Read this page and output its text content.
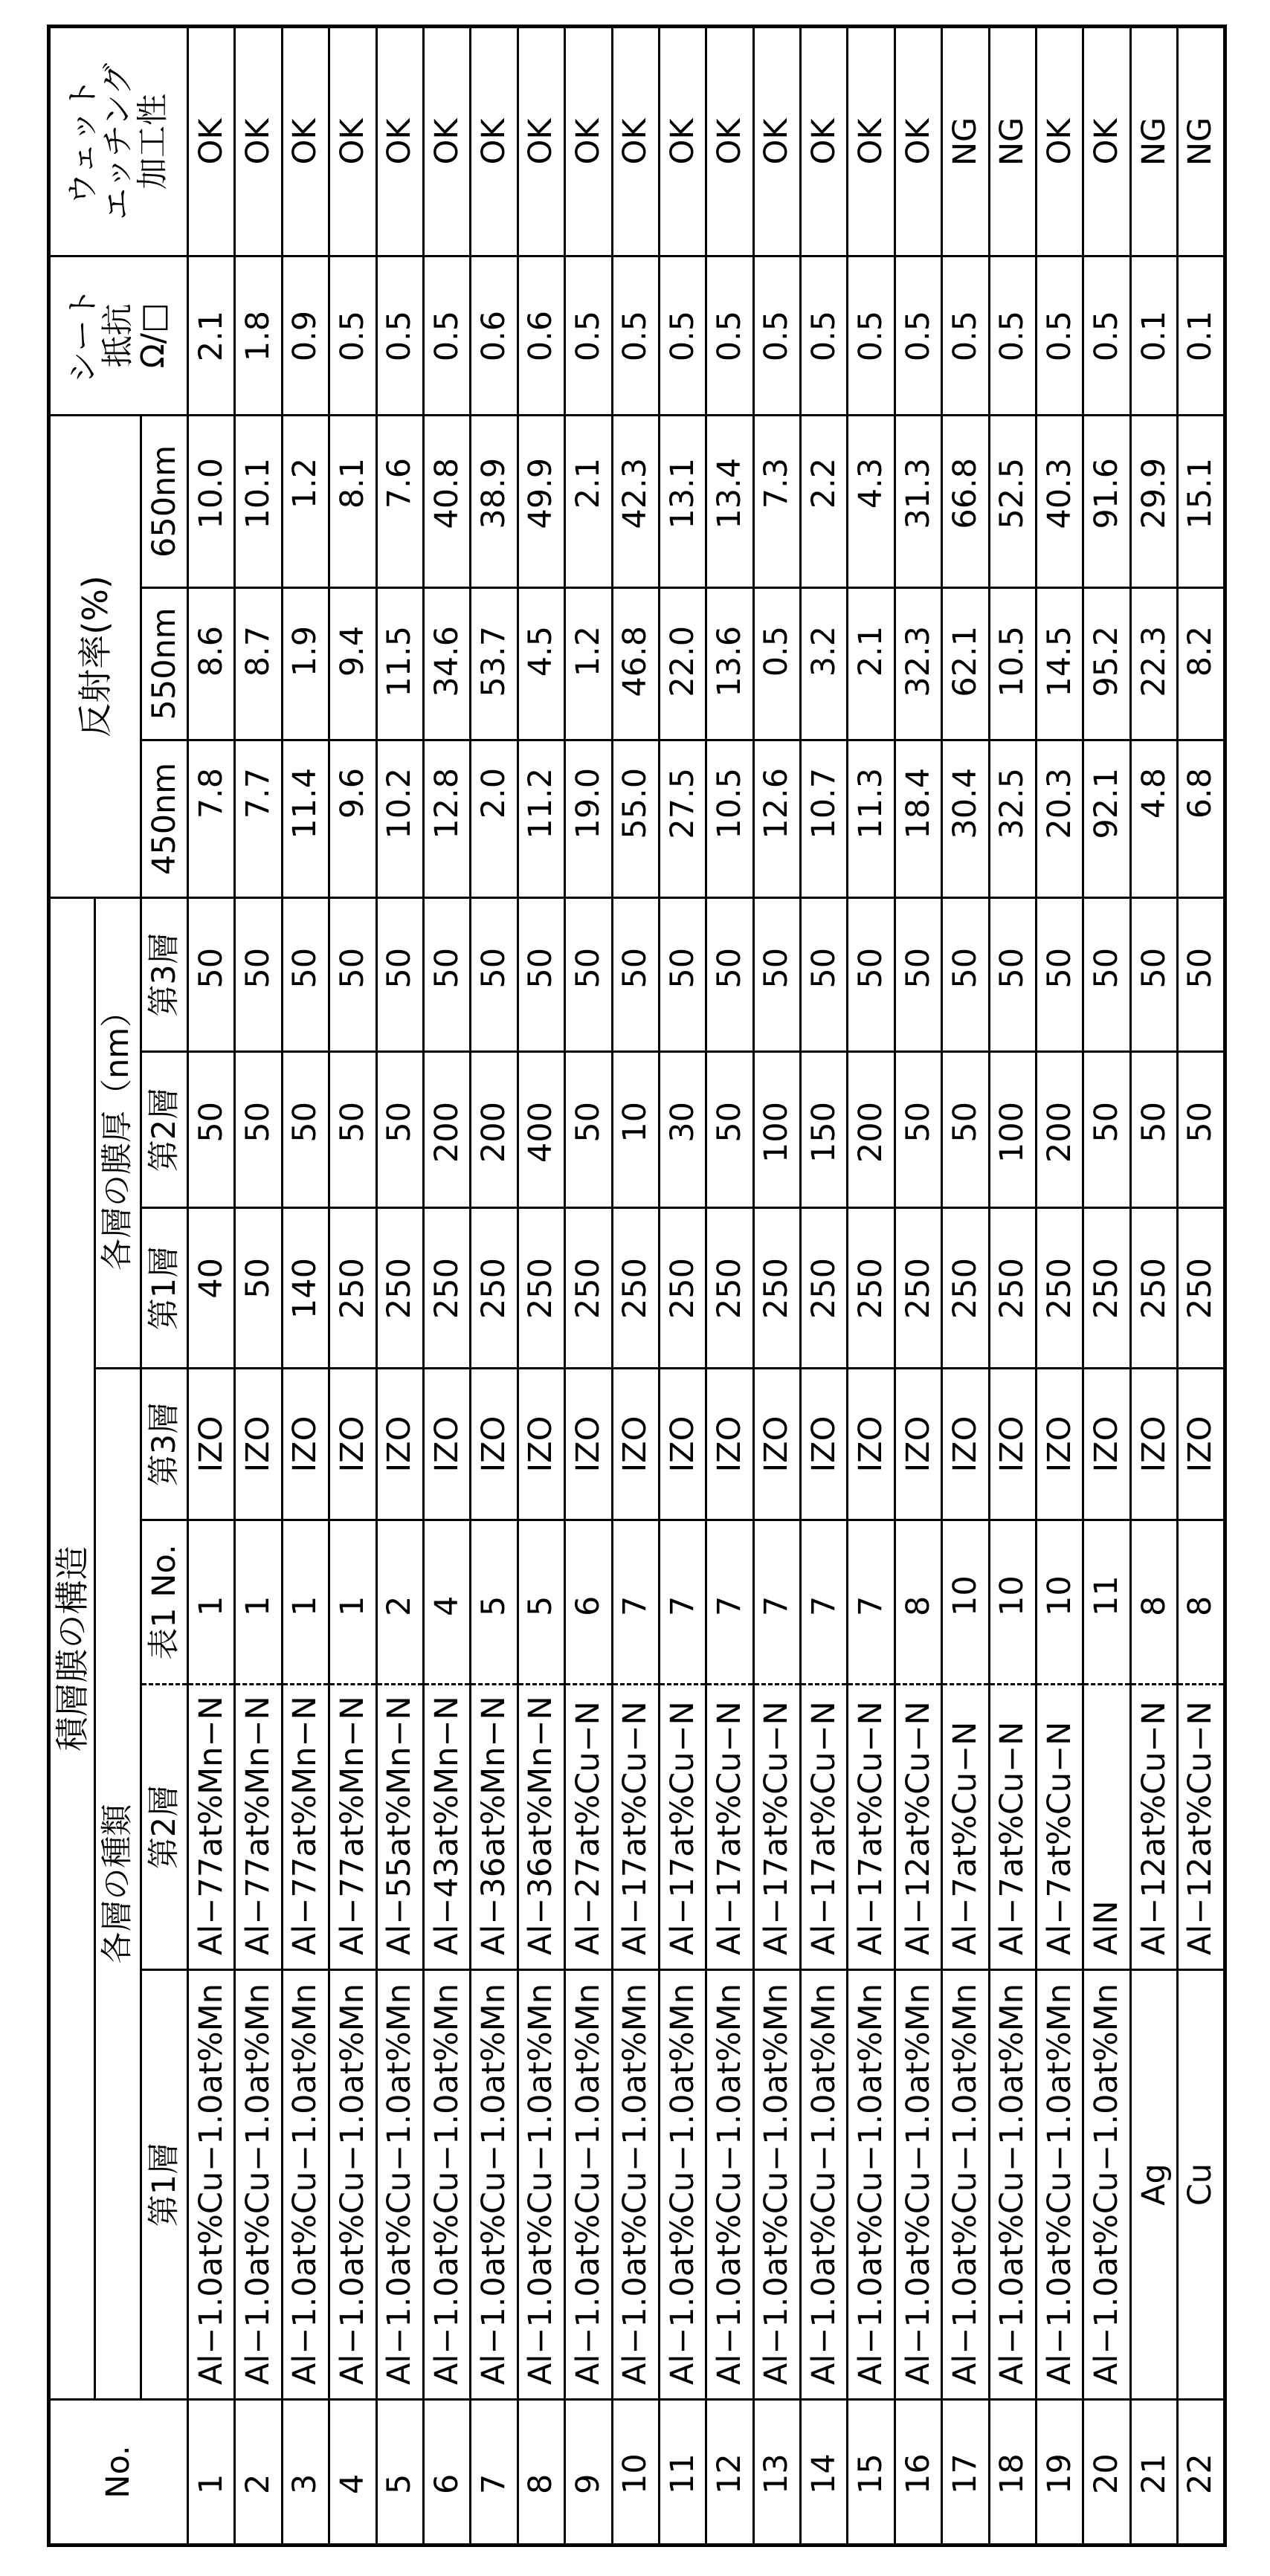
No.	積層膜の構造	反射率(%)	
シート
抵抗
Ω/□

ウェット
エッチング
加工性

各層の種類	各層の膜厚（nm）
第1層	第2層	表1 No.	第3層	第1層	第2層	第3層	450nm	550nm	650nm
1	Al−1.0at%Cu−1.0at%Mn	Al−77at%Mn−N	1	IZO	40	50	50	7.8	8.6	10.0	2.1	OK
2	Al−1.0at%Cu−1.0at%Mn	Al−77at%Mn−N	1	IZO	50	50	50	7.7	8.7	10.1	1.8	OK
3	Al−1.0at%Cu−1.0at%Mn	Al−77at%Mn−N	1	IZO	140	50	50	11.4	1.9	1.2	0.9	OK
4	Al−1.0at%Cu−1.0at%Mn	Al−77at%Mn−N	1	IZO	250	50	50	9.6	9.4	8.1	0.5	OK
5	Al−1.0at%Cu−1.0at%Mn	Al−55at%Mn−N	2	IZO	250	50	50	10.2	11.5	7.6	0.5	OK
6	Al−1.0at%Cu−1.0at%Mn	Al−43at%Mn−N	4	IZO	250	200	50	12.8	34.6	40.8	0.5	OK
7	Al−1.0at%Cu−1.0at%Mn	Al−36at%Mn−N	5	IZO	250	200	50	2.0	53.7	38.9	0.6	OK
8	Al−1.0at%Cu−1.0at%Mn	Al−36at%Mn−N	5	IZO	250	400	50	11.2	4.5	49.9	0.6	OK
9	Al−1.0at%Cu−1.0at%Mn	Al−27at%Cu−N	6	IZO	250	50	50	19.0	1.2	2.1	0.5	OK
10	Al−1.0at%Cu−1.0at%Mn	Al−17at%Cu−N	7	IZO	250	10	50	55.0	46.8	42.3	0.5	OK
11	Al−1.0at%Cu−1.0at%Mn	Al−17at%Cu−N	7	IZO	250	30	50	27.5	22.0	13.1	0.5	OK
12	Al−1.0at%Cu−1.0at%Mn	Al−17at%Cu−N	7	IZO	250	50	50	10.5	13.6	13.4	0.5	OK
13	Al−1.0at%Cu−1.0at%Mn	Al−17at%Cu−N	7	IZO	250	100	50	12.6	0.5	7.3	0.5	OK
14	Al−1.0at%Cu−1.0at%Mn	Al−17at%Cu−N	7	IZO	250	150	50	10.7	3.2	2.2	0.5	OK
15	Al−1.0at%Cu−1.0at%Mn	Al−17at%Cu−N	7	IZO	250	200	50	11.3	2.1	4.3	0.5	OK
16	Al−1.0at%Cu−1.0at%Mn	Al−12at%Cu−N	8	IZO	250	50	50	18.4	32.3	31.3	0.5	OK
17	Al−1.0at%Cu−1.0at%Mn	Al−7at%Cu−N	10	IZO	250	50	50	30.4	62.1	66.8	0.5	NG
18	Al−1.0at%Cu−1.0at%Mn	Al−7at%Cu−N	10	IZO	250	100	50	32.5	10.5	52.5	0.5	NG
19	Al−1.0at%Cu−1.0at%Mn	Al−7at%Cu−N	10	IZO	250	200	50	20.3	14.5	40.3	0.5	OK
20	Al−1.0at%Cu−1.0at%Mn	AlN	11	IZO	250	50	50	92.1	95.2	91.6	0.5	OK
21	Ag	Al−12at%Cu−N	8	IZO	250	50	50	4.8	22.3	29.9	0.1	NG
22	Cu	Al−12at%Cu−N	8	IZO	250	50	50	6.8	8.2	15.1	0.1	NG
